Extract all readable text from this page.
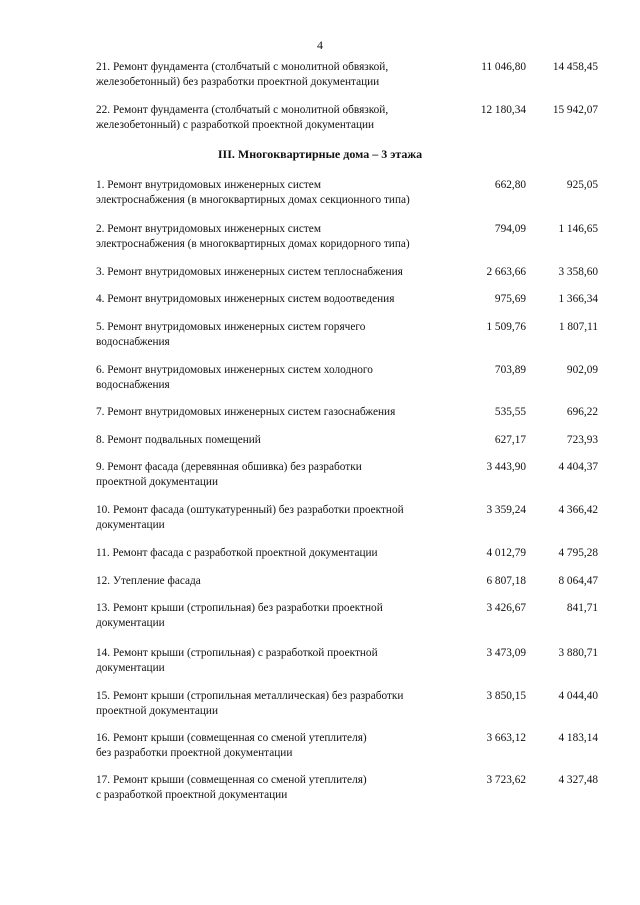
4
21. Ремонт фундамента (столбчатый с монолитной обвязкой,
железобетонный) без разработки проектной документации
11 046,80	14 458,45
22. Ремонт фундамента (столбчатый с монолитной обвязкой,
железобетонный) с разработкой проектной документации
12 180,34	15 942,07
III. Многоквартирные дома – 3 этажа
1. Ремонт внутридомовых инженерных систем
электроснабжения (в многоквартирных домах секционного типа)
662,80	925,05
2. Ремонт внутридомовых инженерных систем
электроснабжения (в многоквартирных домах коридорного типа)
794,09	1 146,65
3. Ремонт внутридомовых инженерных систем теплоснабжения	2 663,66	3 358,60
4. Ремонт внутридомовых инженерных систем водоотведения	975,69	1 366,34
5. Ремонт внутридомовых инженерных систем горячего
водоснабжения
1 509,76	1 807,11
6. Ремонт внутридомовых инженерных систем холодного
водоснабжения
703,89	902,09
7. Ремонт внутридомовых инженерных систем газоснабжения	535,55	696,22
8. Ремонт подвальных помещений	627,17	723,93
9. Ремонт фасада (деревянная обшивка) без разработки
проектной документации
3 443,90	4 404,37
10. Ремонт фасада (оштукатуренный) без разработки проектной
документации
3 359,24	4 366,42
11. Ремонт фасада с разработкой проектной документации	4 012,79	4 795,28
12. Утепление фасада	6 807,18	8 064,47
13. Ремонт крыши (стропильная) без разработки проектной
документации
3 426,67	841,71
14. Ремонт крыши (стропильная) с разработкой проектной
документации
3 473,09	3 880,71
15. Ремонт крыши (стропильная металлическая) без разработки
проектной документации
3 850,15	4 044,40
16. Ремонт крыши (совмещенная со сменой утеплителя)
без разработки проектной документации
3 663,12	4 183,14
17. Ремонт крыши (совмещенная со сменой утеплителя)
с разработкой проектной документации
3 723,62	4 327,48
